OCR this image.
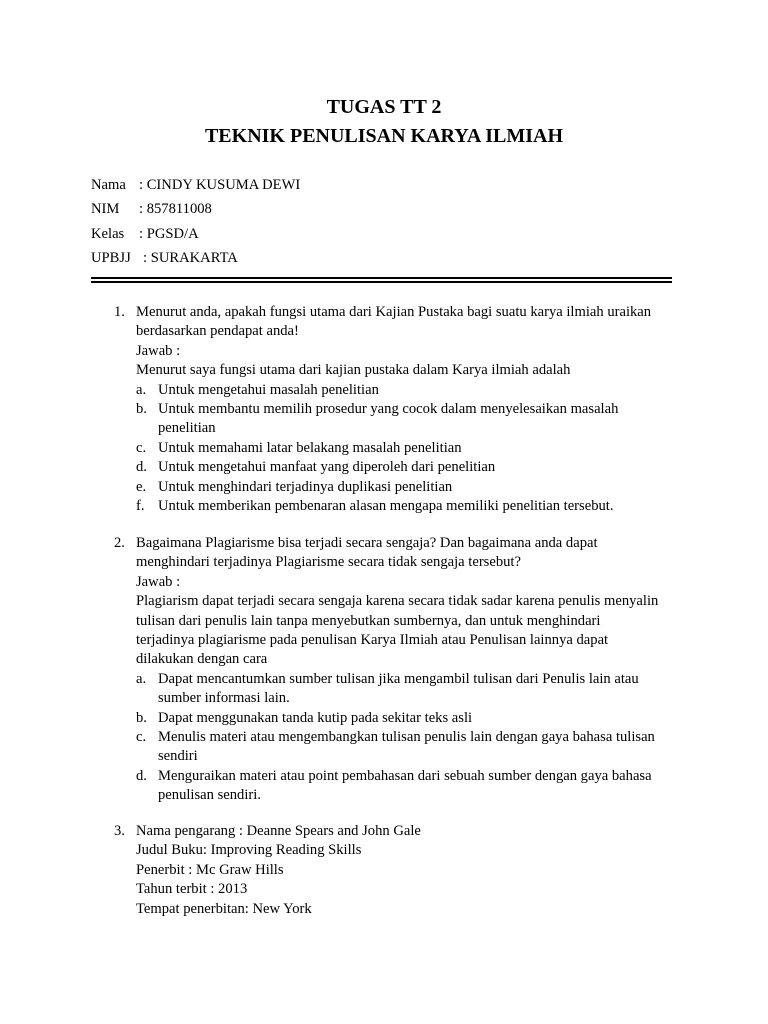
TUGAS TT 2
TEKNIK PENULISAN KARYA ILMIAH
Nama : CINDY KUSUMA DEWI
NIM : 857811008
Kelas : PGSD/A
UPBJJ : SURAKARTA
1. Menurut anda, apakah fungsi utama dari Kajian Pustaka bagi suatu karya ilmiah uraikan

berdasarkan pendapat anda!

Jawab :

Menurut saya fungsi utama dari kajian pustaka dalam Karya ilmiah adalah

a. Untuk mengetahui masalah penelitian
b. Untuk membantu memilih prosedur yang cocok dalam menyelesaikan masalah penelitian
c. Untuk memahami latar belakang masalah penelitian
d. Untuk mengetahui manfaat yang diperoleh dari penelitian
e. Untuk menghindari terjadinya duplikasi penelitian
f. Untuk memberikan pembenaran alasan mengapa memiliki penelitian tersebut.
2. Bagaimana Plagiarisme bisa terjadi secara sengaja? Dan bagaimana anda dapat

menghindari terjadinya Plagiarisme secara tidak sengaja tersebut?

Jawab :

Plagiarism dapat terjadi secara sengaja karena secara tidak sadar karena penulis menyalin

tulisan dari penulis lain tanpa menyebutkan sumbernya, dan untuk menghindari

terjadinya plagiarisme pada penulisan Karya Ilmiah atau Penulisan lainnya dapat

dilakukan dengan cara

a. Dapat mencantumkan sumber tulisan jika mengambil tulisan dari Penulis lain atau sumber informasi lain.
b. Dapat menggunakan tanda kutip pada sekitar teks asli
c. Menulis materi atau mengembangkan tulisan penulis lain dengan gaya bahasa tulisan sendiri
d. Menguraikan materi atau point pembahasan dari sebuah sumber dengan gaya bahasa penulisan sendiri.
3. Nama pengarang : Deanne Spears and John Gale

Judul Buku: Improving Reading Skills

Penerbit : Mc Graw Hills

Tahun terbit : 2013

Tempat penerbitan: New York
